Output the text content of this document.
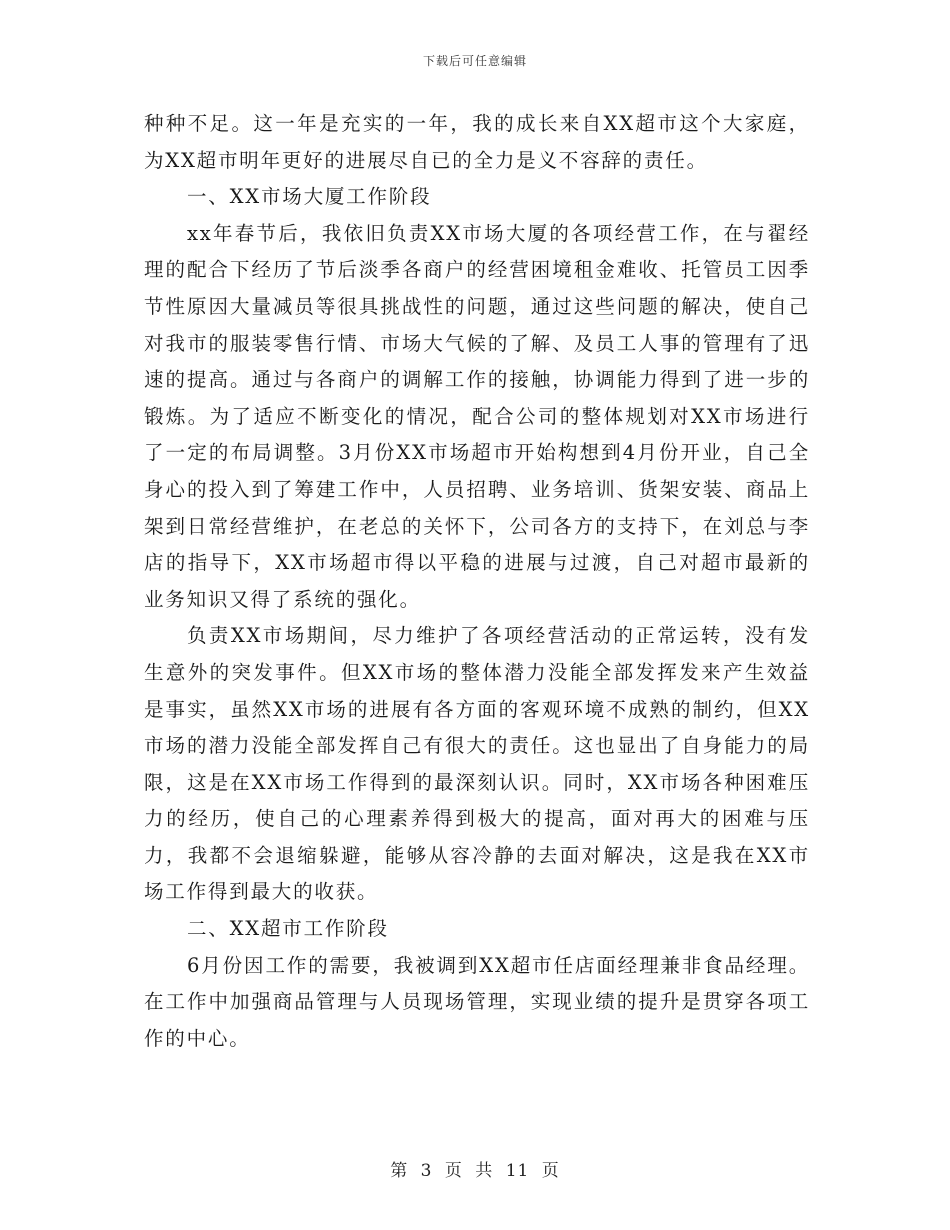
下载后可任意编辑

种种不足。这一年是充实的一年，我的成长来自XX超市这个大家庭，为XX超市明年更好的进展尽自已的全力是义不容辞的责任。

一、XX市场大厦工作阶段

xx年春节后，我依旧负责XX市场大厦的各项经营工作，在与翟经理的配合下经历了节后淡季各商户的经营困境租金难收、托管员工因季节性原因大量减员等很具挑战性的问题，通过这些问题的解决，使自己对我市的服装零售行情、市场大气候的了解、及员工人事的管理有了迅速的提高。通过与各商户的调解工作的接触，协调能力得到了进一步的锻炼。为了适应不断变化的情况，配合公司的整体规划对XX市场进行了一定的布局调整。3月份XX市场超市开始构想到4月份开业，自己全身心的投入到了筹建工作中，人员招聘、业务培训、货架安装、商品上架到日常经营维护，在老总的关怀下，公司各方的支持下，在刘总与李店的指导下，XX市场超市得以平稳的进展与过渡，自己对超市最新的业务知识又得了系统的强化。

负责XX市场期间，尽力维护了各项经营活动的正常运转，没有发生意外的突发事件。但XX市场的整体潜力没能全部发挥发来产生效益是事实，虽然XX市场的进展有各方面的客观环境不成熟的制约，但XX市场的潜力没能全部发挥自己有很大的责任。这也显出了自身能力的局限，这是在XX市场工作得到的最深刻认识。同时，XX市场各种困难压力的经历，使自己的心理素养得到极大的提高，面对再大的困难与压力，我都不会退缩躲避，能够从容冷静的去面对解决，这是我在XX市场工作得到最大的收获。

二、XX超市工作阶段

6月份因工作的需要，我被调到XX超市任店面经理兼非食品经理。在工作中加强商品管理与人员现场管理，实现业绩的提升是贯穿各项工作的中心。

第 3 页 共 11 页
